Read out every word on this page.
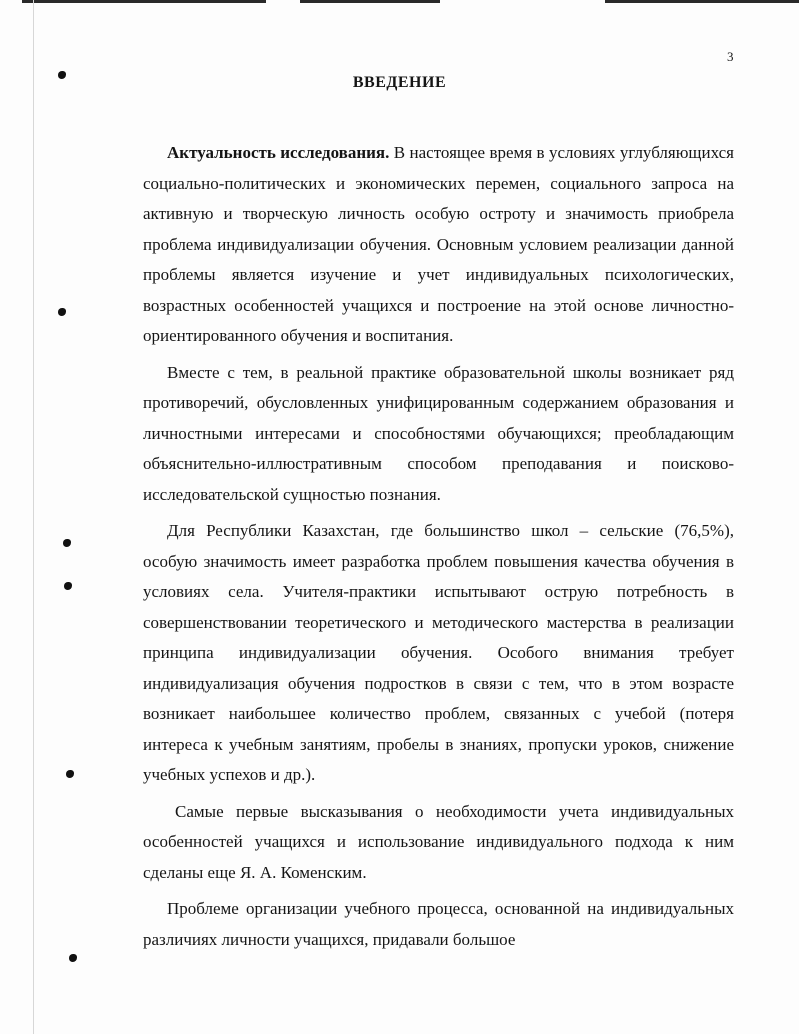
3
ВВЕДЕНИЕ

Актуальность исследования. В настоящее время в условиях углубляющихся социально-политических и экономических перемен, социального запроса на активную и творческую личность особую остроту и значимость приобрела проблема индивидуализации обучения. Основным условием реализации данной проблемы является изучение и учет индивидуальных психологических, возрастных особенностей учащихся и построение на этой основе личностно-ориентированного обучения и воспитания.

Вместе с тем, в реальной практике образовательной школы возникает ряд противоречий, обусловленных унифицированным содержанием образования и личностными интересами и способностями обучающихся; преобладающим объяснительно-иллюстративным способом преподавания и поисково-исследовательской сущностью познания.

Для Республики Казахстан, где большинство школ – сельские (76,5%), особую значимость имеет разработка проблем повышения качества обучения в условиях села. Учителя-практики испытывают острую потребность в совершенствовании теоретического и методического мастерства в реализации принципа индивидуализации обучения. Особого внимания требует индивидуализация обучения подростков в связи с тем, что в этом возрасте возникает наибольшее количество проблем, связанных с учебой (потеря интереса к учебным занятиям, пробелы в знаниях, пропуски уроков, снижение учебных успехов и др.).

Самые первые высказывания о необходимости учета индивидуальных особенностей учащихся и использование индивидуального подхода к ним сделаны еще Я. А. Коменским.

Проблеме организации учебного процесса, основанной на индивидуальных различиях личности учащихся, придавали большое
